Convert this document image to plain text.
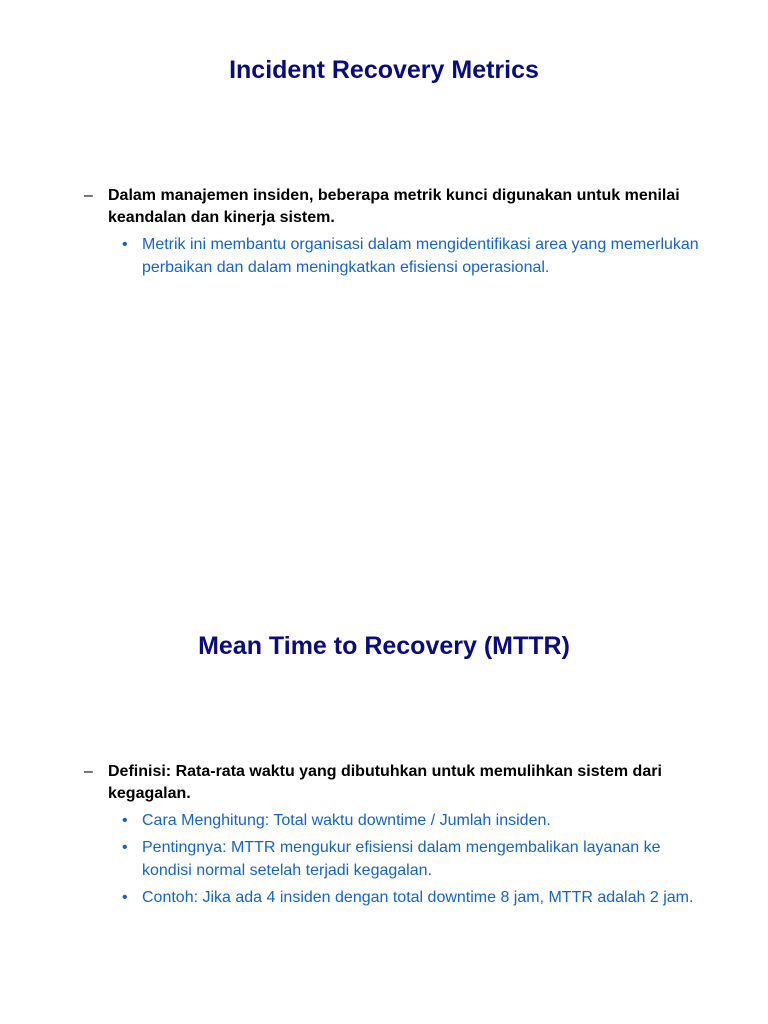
Incident Recovery Metrics
– Dalam manajemen insiden, beberapa metrik kunci digunakan untuk menilai keandalan dan kinerja sistem.
• Metrik ini membantu organisasi dalam mengidentifikasi area yang memerlukan perbaikan dan dalam meningkatkan efisiensi operasional.
Mean Time to Recovery (MTTR)
– Definisi: Rata-rata waktu yang dibutuhkan untuk memulihkan sistem dari kegagalan.
• Cara Menghitung: Total waktu downtime / Jumlah insiden.
• Pentingnya: MTTR mengukur efisiensi dalam mengembalikan layanan ke kondisi normal setelah terjadi kegagalan.
• Contoh: Jika ada 4 insiden dengan total downtime 8 jam, MTTR adalah 2 jam.
